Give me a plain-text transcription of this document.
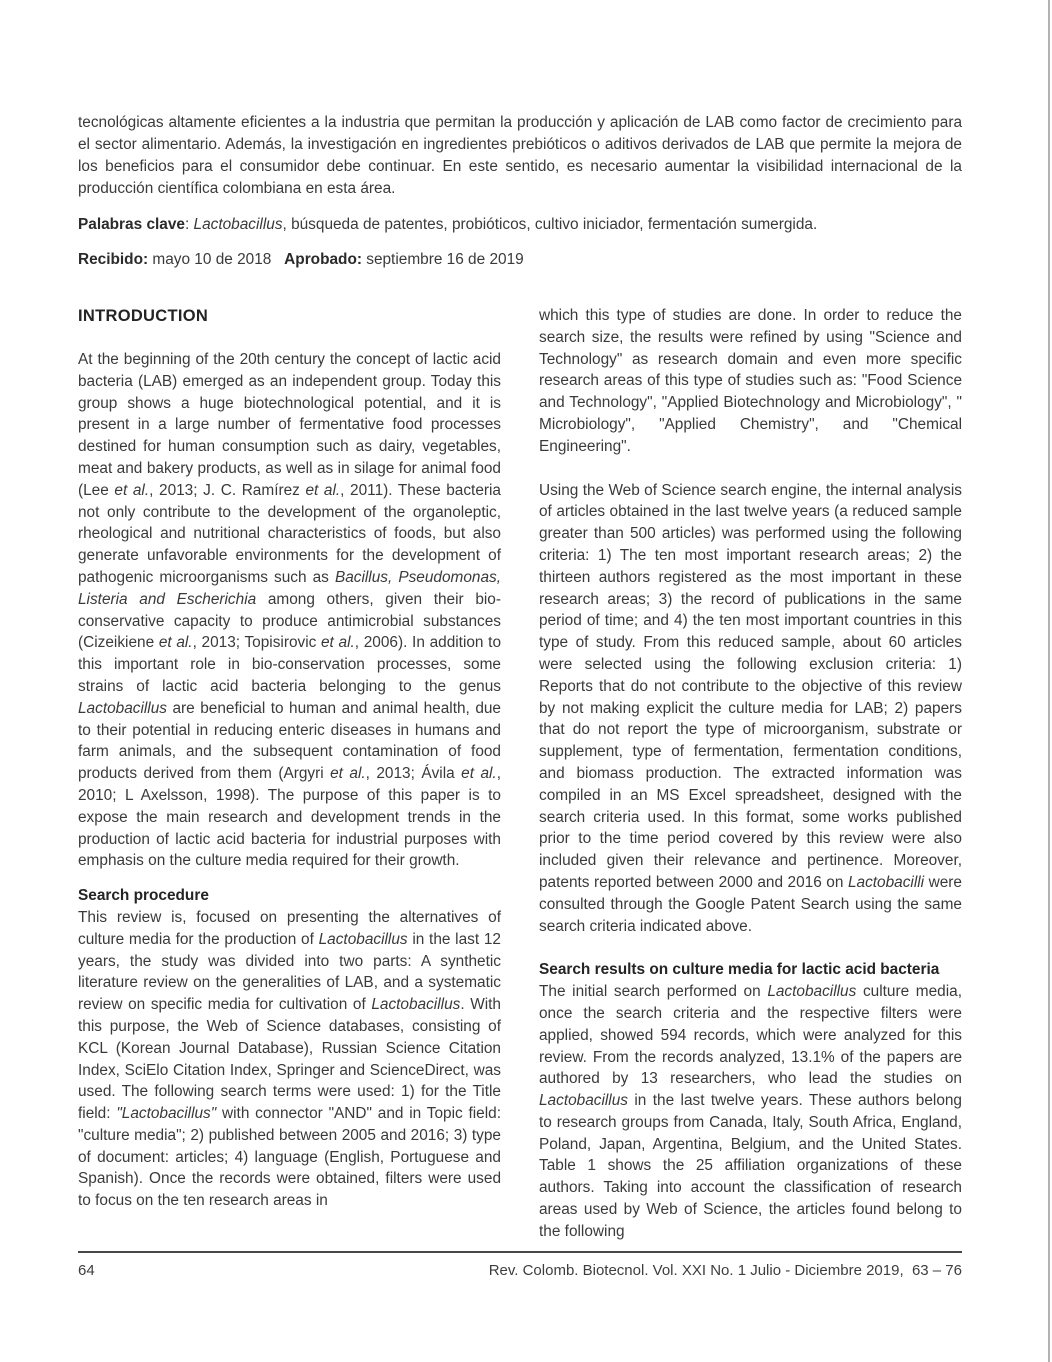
tecnológicas altamente eficientes a la industria que permitan la producción y aplicación de LAB como factor de crecimiento para el sector alimentario. Además, la investigación en ingredientes prebióticos o aditivos derivados de LAB que permite la mejora de los beneficios para el consumidor debe continuar. En este sentido, es necesario aumentar la visibilidad internacional de la producción científica colombiana en esta área.

Palabras clave: Lactobacillus, búsqueda de patentes, probióticos, cultivo iniciador, fermentación sumergida.

Recibido: mayo 10 de 2018   Aprobado: septiembre 16 de 2019

INTRODUCTION

At the beginning of the 20th century the concept of lactic acid bacteria (LAB) emerged as an independent group. Today this group shows a huge biotechnological potential, and it is present in a large number of fermentative food processes destined for human consumption such as dairy, vegetables, meat and bakery products, as well as in silage for animal food (Lee et al., 2013; J. C. Ramírez et al., 2011). These bacteria not only contribute to the development of the organoleptic, rheological and nutritional characteristics of foods, but also generate unfavorable environments for the development of pathogenic microorganisms such as Bacillus, Pseudomonas, Listeria and Escherichia among others, given their bio-conservative capacity to produce antimicrobial substances (Cizeikiene et al., 2013; Topisirovic et al., 2006). In addition to this important role in bio-conservation processes, some strains of lactic acid bacteria belonging to the genus Lactobacillus are beneficial to human and animal health, due to their potential in reducing enteric diseases in humans and farm animals, and the subsequent contamination of food products derived from them (Argyri et al., 2013; Ávila et al., 2010; L Axelsson, 1998). The purpose of this paper is to expose the main research and development trends in the production of lactic acid bacteria for industrial purposes with emphasis on the culture media required for their growth.

Search procedure

This review is, focused on presenting the alternatives of culture media for the production of Lactobacillus in the last 12 years, the study was divided into two parts: A synthetic literature review on the generalities of LAB, and a systematic review on specific media for cultivation of Lactobacillus. With this purpose, the Web of Science databases, consisting of KCL (Korean Journal Database), Russian Science Citation Index, SciElo Citation Index, Springer and ScienceDirect, was used. The following search terms were used: 1) for the Title field: "Lactobacillus" with connector "AND" and in Topic field: "culture media"; 2) published between 2005 and 2016; 3) type of document: articles; 4) language (English, Portuguese and Spanish). Once the records were obtained, filters were used to focus on the ten research areas in

which this type of studies are done. In order to reduce the search size, the results were refined by using "Science and Technology" as research domain and even more specific research areas of this type of studies such as: "Food Science and Technology", "Applied Biotechnology and Microbiology", " Microbiology", "Applied Chemistry", and "Chemical Engineering".

Using the Web of Science search engine, the internal analysis of articles obtained in the last twelve years (a reduced sample greater than 500 articles) was performed using the following criteria: 1) The ten most important research areas; 2) the thirteen authors registered as the most important in these research areas; 3) the record of publications in the same period of time; and 4) the ten most important countries in this type of study. From this reduced sample, about 60 articles were selected using the following exclusion criteria: 1) Reports that do not contribute to the objective of this review by not making explicit the culture media for LAB; 2) papers that do not report the type of microorganism, substrate or supplement, type of fermentation, fermentation conditions, and biomass production. The extracted information was compiled in an MS Excel spreadsheet, designed with the search criteria used. In this format, some works published prior to the time period covered by this review were also included given their relevance and pertinence. Moreover, patents reported between 2000 and 2016 on Lactobacilli were consulted through the Google Patent Search using the same search criteria indicated above.

Search results on culture media for lactic acid bacteria

The initial search performed on Lactobacillus culture media, once the search criteria and the respective filters were applied, showed 594 records, which were analyzed for this review. From the records analyzed, 13.1% of the papers are authored by 13 researchers, who lead the studies on Lactobacillus in the last twelve years. These authors belong to research groups from Canada, Italy, South Africa, England, Poland, Japan, Argentina, Belgium, and the United States. Table 1 shows the 25 affiliation organizations of these authors. Taking into account the classification of research areas used by Web of Science, the articles found belong to the following

64	Rev. Colomb. Biotecnol. Vol. XXI No. 1 Julio - Diciembre 2019,  63 – 76
